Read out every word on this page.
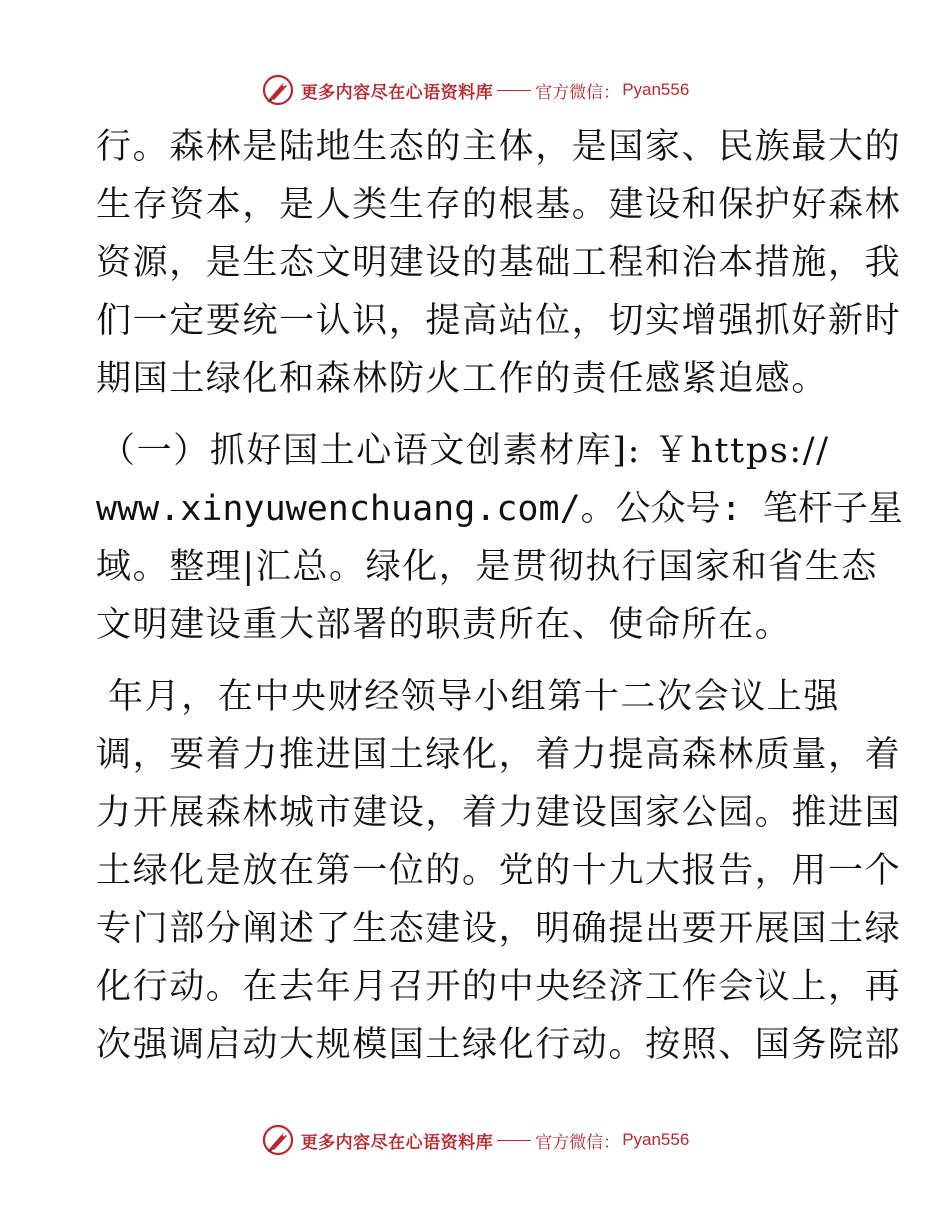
更多内容尽在心语资料库 官方微信： Pyan556
行。森林是陆地生态的主体，是国家、民族最大的
生存资本，是人类生存的根基。建设和保护好森林
资源，是生态文明建设的基础工程和治本措施，我
们一定要统一认识，提高站位，切实增强抓好新时
期国土绿化和森林防火工作的责任感紧迫感。
（一）抓好国土心语文创素材库]: ￥https://
www.xinyuwenchuang.com/。公众号: 笔杆子星
域。整理|汇总。绿化，是贯彻执行国家和省生态
文明建设重大部署的职责所在、使命所在。
年月，在中央财经领导小组第十二次会议上强
调，要着力推进国土绿化，着力提高森林质量，着
力开展森林城市建设，着力建设国家公园。推进国
土绿化是放在第一位的。党的十九大报告，用一个
专门部分阐述了生态建设，明确提出要开展国土绿
化行动。在去年月召开的中央经济工作会议上，再
次强调启动大规模国土绿化行动。按照、国务院部
更多内容尽在心语资料库 官方微信： Pyan556
